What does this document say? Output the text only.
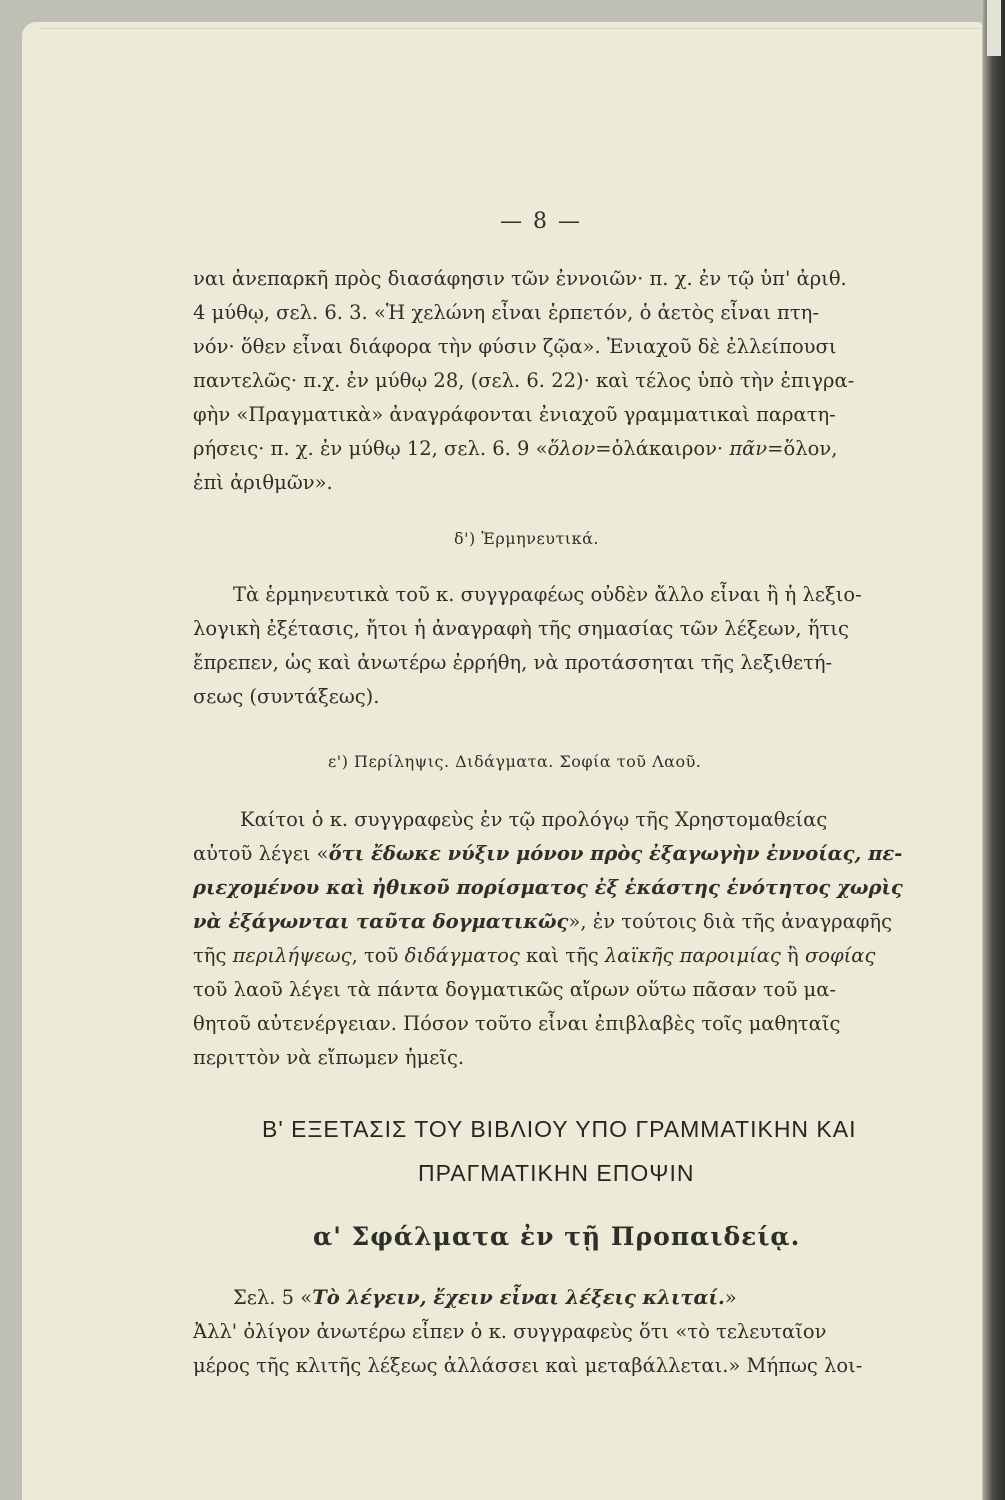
— 8 —
ναι ἀνεπαρκῆ πρὸς διασάφησιν τῶν ἐννοιῶν· π. χ. ἐν τῷ ὑπ' ἀριθ.
4 μύθῳ, σελ. 6. 3. «Ἡ χελώνη εἶναι ἑρπετόν, ὁ ἀετὸς εἶναι πτη-
νόν· ὅθεν εἶναι διάφορα τὴν φύσιν ζῷα». Ἐνιαχοῦ δὲ ἐλλείπουσι
παντελῶς· π.χ. ἐν μύθῳ 28, (σελ. 6. 22)· καὶ τέλος ὑπὸ τὴν ἐπιγρα-
φὴν «Πραγματικὰ» ἀναγράφονται ἐνιαχοῦ γραμματικαὶ παρατη-
ρήσεις· π. χ. ἐν μύθῳ 12, σελ. 6. 9 «ὅλον=ὁλάκαιρον· πᾶν=ὅλον,
ἐπὶ ἀριθμῶν».
δ') Ἑρμηνευτικά.
Τὰ ἑρμηνευτικὰ τοῦ κ. συγγραφέως οὐδὲν ἄλλο εἶναι ἢ ἡ λεξιο-
λογικὴ ἐξέτασις, ἤτοι ἡ ἀναγραφὴ τῆς σημασίας τῶν λέξεων, ἥτις
ἔπρεπεν, ὡς καὶ ἀνωτέρω ἐρρήθη, νὰ προτάσσηται τῆς λεξιθετή-
σεως (συντάξεως).
ε') Περίληψις. Διδάγματα. Σοφία τοῦ Λαοῦ.
Καίτοι ὁ κ. συγγραφεὺς ἐν τῷ προλόγῳ τῆς Χρηστομαθείας
αὐτοῦ λέγει «ὅτι ἔδωκε νύξιν μόνον πρὸς ἐξαγωγὴν ἐννοίας, πε-
ριεχομένου καὶ ἠθικοῦ πορίσματος ἐξ ἑκάστης ἑνότητος χωρὶς
νὰ ἐξάγωνται ταῦτα δογματικῶς», ἐν τούτοις διὰ τῆς ἀναγραφῆς
τῆς περιλήψεως, τοῦ διδάγματος καὶ τῆς λαϊκῆς παροιμίας ἢ σοφίας
τοῦ λαοῦ λέγει τὰ πάντα δογματικῶς αἴρων οὕτω πᾶσαν τοῦ μα-
θητοῦ αὐτενέργειαν. Πόσον τοῦτο εἶναι ἐπιβλαβὲς τοῖς μαθηταῖς
περιττὸν νὰ εἴπωμεν ἡμεῖς.
Β' ΕΞΕΤΑΣΙΣ ΤΟΥ ΒΙΒΛΙΟΥ ΥΠΟ ΓΡΑΜΜΑΤΙΚΗΝ ΚΑΙ
ΠΡΑΓΜΑΤΙΚΗΝ ΕΠΟΨΙΝ
α' Σφάλματα ἐν τῇ Προπαιδείᾳ.
Σελ. 5 «Τὸ λέγειν, ἔχειν εἶναι λέξεις κλιταί.»
Ἀλλ' ὀλίγον ἀνωτέρω εἶπεν ὁ κ. συγγραφεὺς ὅτι «τὸ τελευταῖον
μέρος τῆς κλιτῆς λέξεως ἀλλάσσει καὶ μεταβάλλεται.» Μήπως λοι-
